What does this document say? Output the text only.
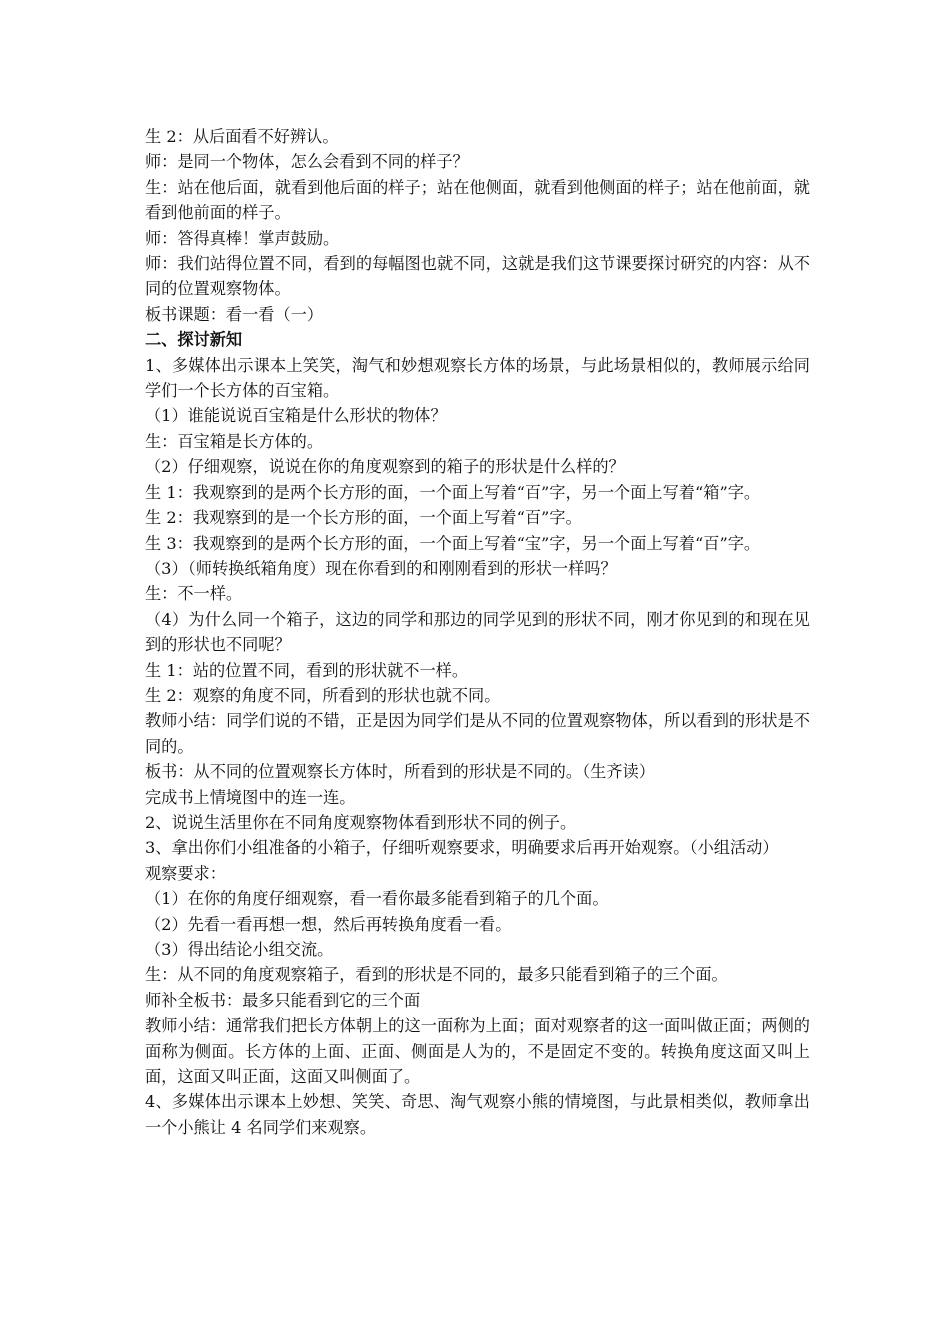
生 2：从后面看不好辨认。

师：是同一个物体，怎么会看到不同的样子？

生：站在他后面，就看到他后面的样子；站在他侧面，就看到他侧面的样子；站在他前面，就看到他前面的样子。

师：答得真棒！掌声鼓励。

师：我们站得位置不同，看到的每幅图也就不同，这就是我们这节课要探讨研究的内容：从不同的位置观察物体。

板书课题：看一看（一）

二、探讨新知

1、多媒体出示课本上笑笑，淘气和妙想观察长方体的场景，与此场景相似的，教师展示给同学们一个长方体的百宝箱。

（1）谁能说说百宝箱是什么形状的物体？

生：百宝箱是长方体的。

（2）仔细观察，说说在你的角度观察到的箱子的形状是什么样的？

生 1：我观察到的是两个长方形的面，一个面上写着“百”字，另一个面上写着“箱”字。

生 2：我观察到的是一个长方形的面，一个面上写着“百”字。

生 3：我观察到的是两个长方形的面，一个面上写着“宝”字，另一个面上写着“百”字。

（3）（师转换纸箱角度）现在你看到的和刚刚看到的形状一样吗？

生：不一样。

（4）为什么同一个箱子，这边的同学和那边的同学见到的形状不同，刚才你见到的和现在见到的形状也不同呢？

生 1：站的位置不同，看到的形状就不一样。

生 2：观察的角度不同，所看到的形状也就不同。

教师小结：同学们说的不错，正是因为同学们是从不同的位置观察物体，所以看到的形状是不同的。

板书：从不同的位置观察长方体时，所看到的形状是不同的。（生齐读）

完成书上情境图中的连一连。

2、说说生活里你在不同角度观察物体看到形状不同的例子。

3、拿出你们小组准备的小箱子，仔细听观察要求，明确要求后再开始观察。（小组活动）

观察要求：

（1）在你的角度仔细观察，看一看你最多能看到箱子的几个面。

（2）先看一看再想一想，然后再转换角度看一看。

（3）得出结论小组交流。

生：从不同的角度观察箱子，看到的形状是不同的，最多只能看到箱子的三个面。

师补全板书：最多只能看到它的三个面

教师小结：通常我们把长方体朝上的这一面称为上面；面对观察者的这一面叫做正面；两侧的面称为侧面。长方体的上面、正面、侧面是人为的，不是固定不变的。转换角度这面又叫上面，这面又叫正面，这面又叫侧面了。

4、多媒体出示课本上妙想、笑笑、奇思、淘气观察小熊的情境图，与此景相类似，教师拿出一个小熊让 4 名同学们来观察。
